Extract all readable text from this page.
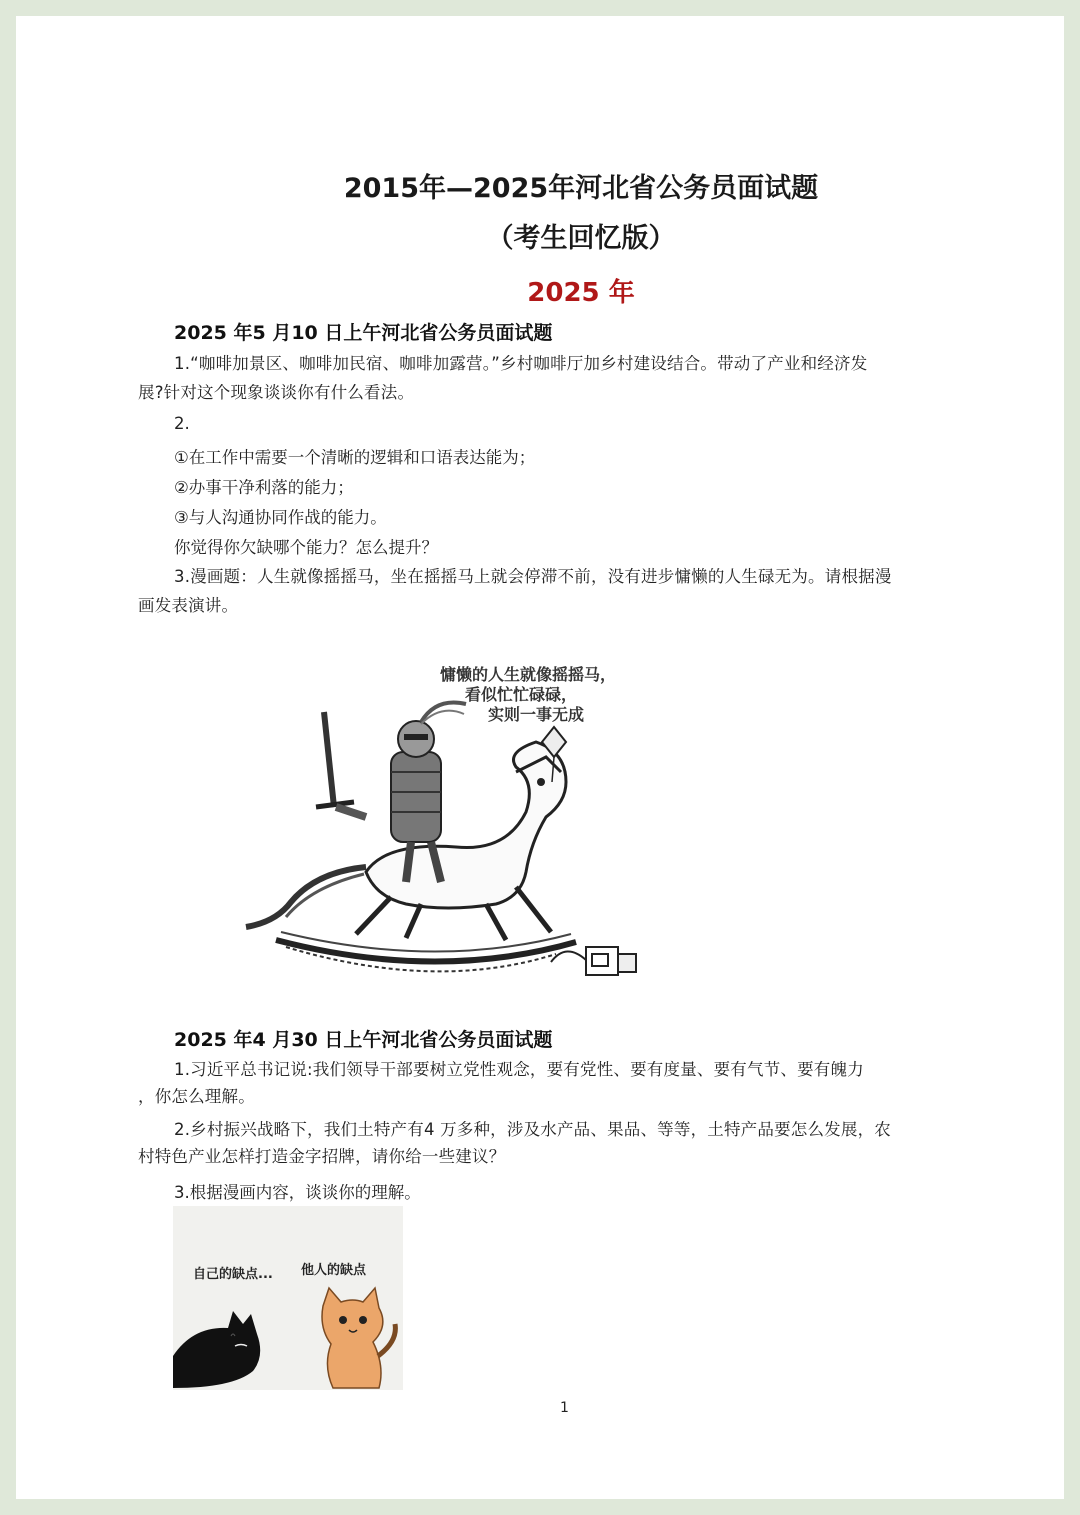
2015年—2025年河北省公务员面试题
（考生回忆版）
2025 年
2025 年5 月10 日上午河北省公务员面试题
1.“咖啡加景区、咖啡加民宿、咖啡加露营。”乡村咖啡厅加乡村建设结合。带动了产业和经济发
展?针对这个现象谈谈你有什么看法。
2.
①在工作中需要一个清晰的逻辑和口语表达能为；
②办事干净利落的能力；
③与人沟通协同作战的能力。
你觉得你欠缺哪个能力？怎么提升？
3.漫画题：人生就像摇摇马，坐在摇摇马上就会停滞不前，没有进步慵懒的人生碌无为。请根据漫
画发表演讲。
慵懒的人生就像摇摇马，
看似忙忙碌碌，
实则一事无成
2025 年4 月30 日上午河北省公务员面试题
1.习近平总书记说:我们领导干部要树立党性观念，要有党性、要有度量、要有气节、要有魄力
，你怎么理解。
2.乡村振兴战略下，我们土特产有4 万多种，涉及水产品、果品、等等，土特产品要怎么发展，农
村特色产业怎样打造金字招牌，请你给一些建议？
3.根据漫画内容，谈谈你的理解。
自己的缺点... 他人的缺点
1
